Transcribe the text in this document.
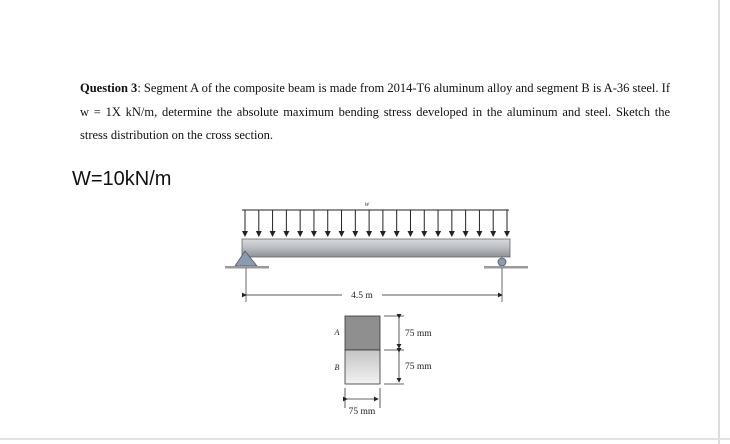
Question 3: Segment A of the composite beam is made from 2014-T6 aluminum alloy and segment B is A-36 steel. If w = 1X kN/m, determine the absolute maximum bending stress developed in the aluminum and steel. Sketch the stress distribution on the cross section.
W=10kN/m
w
4.5 m
A
B
75 mm
75 mm
75 mm
